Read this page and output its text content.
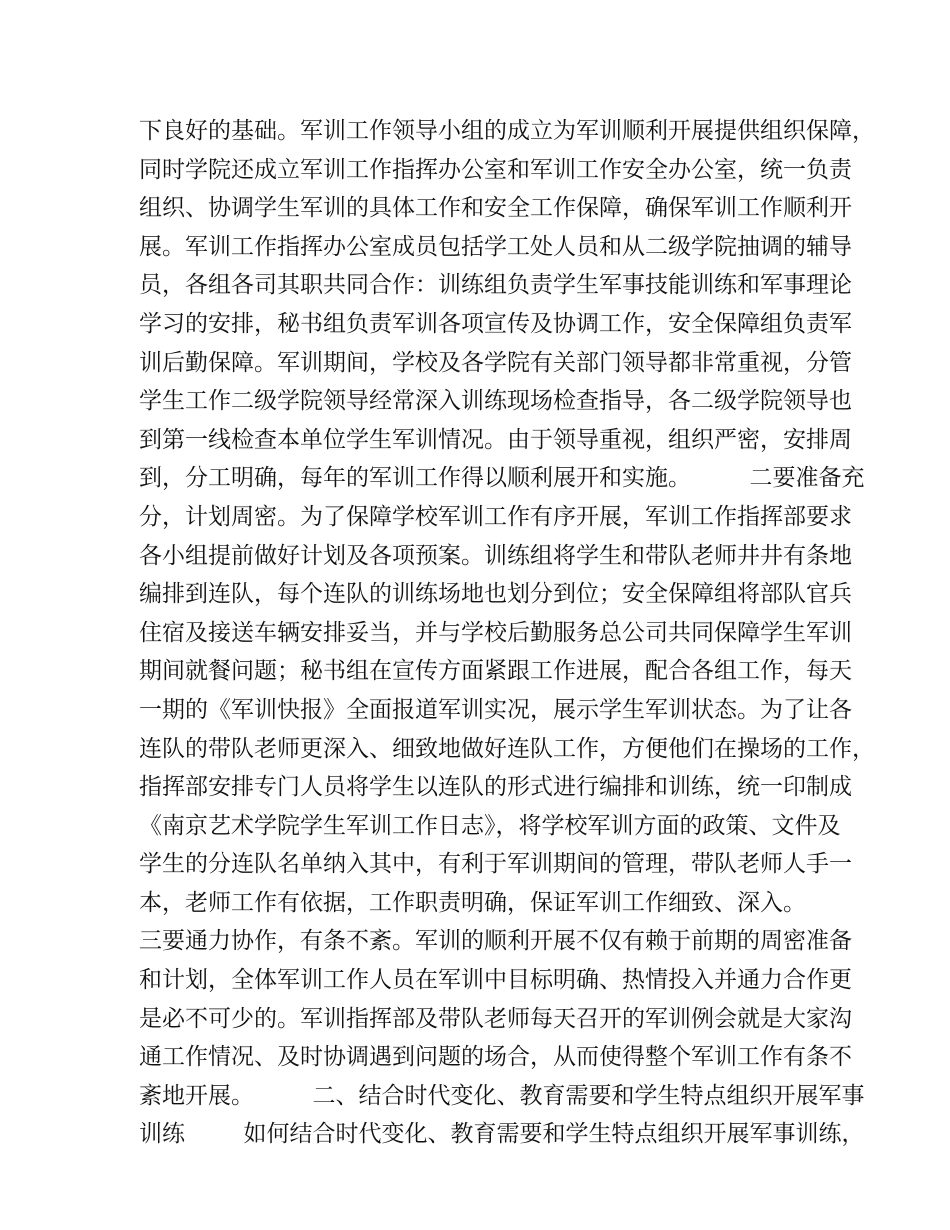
下良好的基础。军训工作领导小组的成立为军训顺利开展提供组织保障，
同时学院还成立军训工作指挥办公室和军训工作安全办公室，统一负责
组织、协调学生军训的具体工作和安全工作保障，确保军训工作顺利开
展。军训工作指挥办公室成员包括学工处人员和从二级学院抽调的辅导
员，各组各司其职共同合作：训练组负责学生军事技能训练和军事理论
学习的安排，秘书组负责军训各项宣传及协调工作，安全保障组负责军
训后勤保障。军训期间，学校及各学院有关部门领导都非常重视，分管
学生工作二级学院领导经常深入训练现场检查指导，各二级学院领导也
到第一线检查本单位学生军训情况。由于领导重视，组织严密，安排周
到，分工明确，每年的军训工作得以顺利展开和实施。        二要准备充
分，计划周密。为了保障学校军训工作有序开展，军训工作指挥部要求
各小组提前做好计划及各项预案。训练组将学生和带队老师井井有条地
编排到连队，每个连队的训练场地也划分到位；安全保障组将部队官兵
住宿及接送车辆安排妥当，并与学校后勤服务总公司共同保障学生军训
期间就餐问题；秘书组在宣传方面紧跟工作进展，配合各组工作，每天
一期的《军训快报》全面报道军训实况，展示学生军训状态。为了让各
连队的带队老师更深入、细致地做好连队工作，方便他们在操场的工作，
指挥部安排专门人员将学生以连队的形式进行编排和训练，统一印制成
《南京艺术学院学生军训工作日志》，将学校军训方面的政策、文件及
学生的分连队名单纳入其中，有利于军训期间的管理，带队老师人手一
本，老师工作有依据，工作职责明确，保证军训工作细致、深入。
三要通力协作，有条不紊。军训的顺利开展不仅有赖于前期的周密准备
和计划，全体军训工作人员在军训中目标明确、热情投入并通力合作更
是必不可少的。军训指挥部及带队老师每天召开的军训例会就是大家沟
通工作情况、及时协调遇到问题的场合，从而使得整个军训工作有条不
紊地开展。        二、结合时代变化、教育需要和学生特点组织开展军事
训练        如何结合时代变化、教育需要和学生特点组织开展军事训练，
